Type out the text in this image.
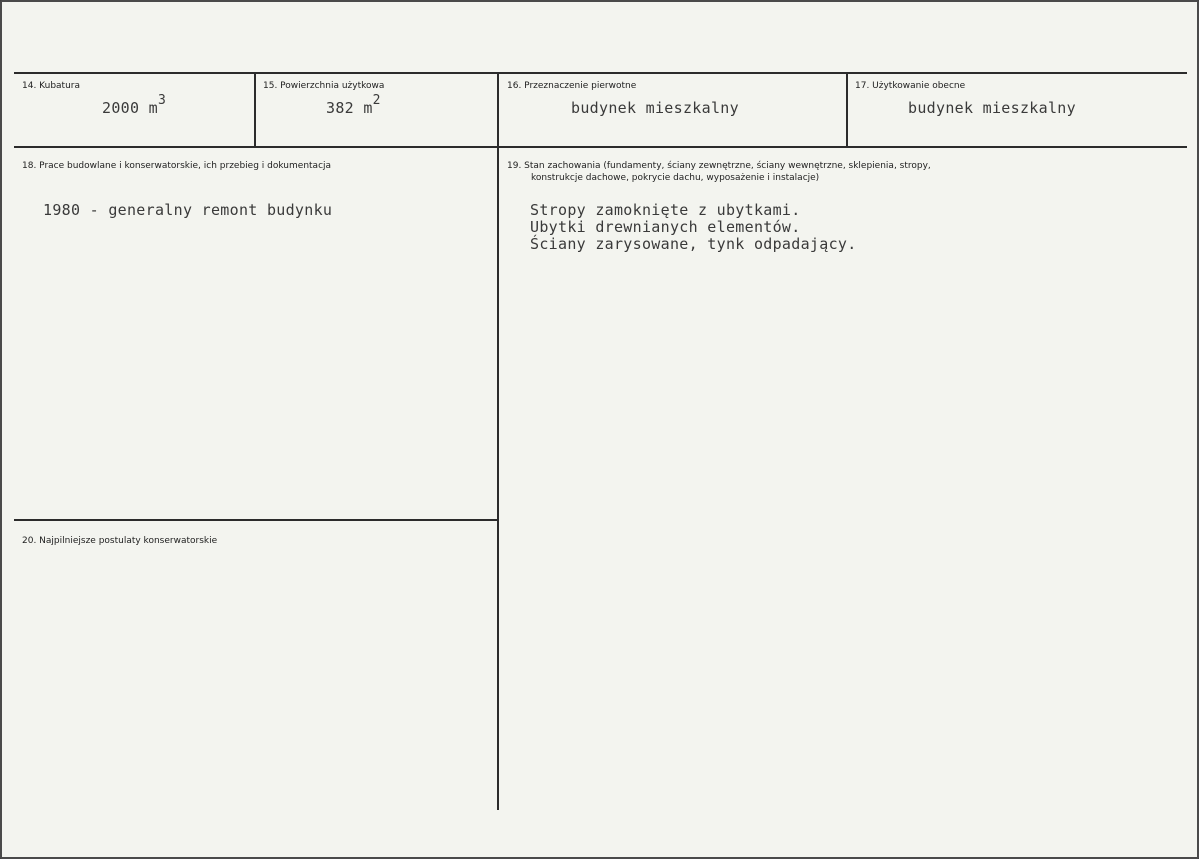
14. Kubatura
2000 m3
15. Powierzchnia użytkowa
382 m2
16. Przeznaczenie pierwotne
budynek mieszkalny
17. Użytkowanie obecne
budynek mieszkalny
18. Prace budowlane i konserwatorskie, ich przebieg i dokumentacja
1980 - generalny remont budynku
19. Stan zachowania (fundamenty, ściany zewnętrzne, ściany wewnętrzne, sklepienia, stropy,
konstrukcje dachowe, pokrycie dachu, wyposażenie i instalacje)
Stropy zamoknięte z ubytkami.
Ubytki drewnianych elementów.
Ściany zarysowane, tynk odpadający.
20. Najpilniejsze postulaty konserwatorskie
